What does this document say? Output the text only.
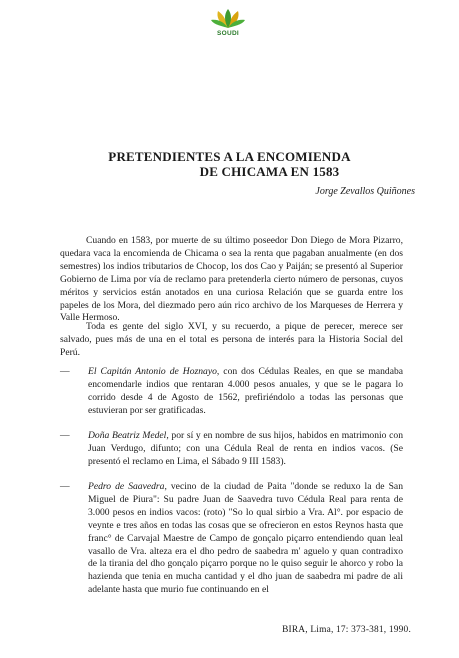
SOUDI
PRETENDIENTES A LA ENCOMIENDA
DE CHICAMA EN 1583
Jorge Zevallos Quiñones

Cuando en 1583, por muerte de su último poseedor Don Diego de Mora Pizarro, quedara vaca la encomienda de Chicama o sea la renta que pagaban anualmente (en dos semestres) los indios tributarios de Chocop, los dos Cao y Paiján; se presentó al Superior Gobierno de Lima por vía de reclamo para pretenderla cierto número de personas, cuyos méritos y servicios están anotados en una curiosa Relación que se guarda entre los papeles de los Mora, del diezmado pero aún rico archivo de los Marqueses de Herrera y Valle Hermoso.

Toda es gente del siglo XVI, y su recuerdo, a pique de perecer, merece ser salvado, pues más de una en el total es persona de interés para la Historia Social del Perú.

— El Capitán Antonio de Hoznayo, con dos Cédulas Reales, en que se mandaba encomendarle indios que rentaran 4.000 pesos anuales, y que se le pagara lo corrido desde 4 de Agosto de 1562, prefiriéndolo a todas las personas que estuvieran por ser gratificadas.

— Doña Beatriz Medel, por sí y en nombre de sus hijos, habidos en matrimonio con Juan Verdugo, difunto; con una Cédula Real de renta en indios vacos. (Se presentó el reclamo en Lima, el Sábado 9 III 1583).

— Pedro de Saavedra, vecino de la ciudad de Paita "donde se reduxo la de San Miguel de Piura": Su padre Juan de Saavedra tuvo Cédula Real para renta de 3.000 pesos en indios vacos: (roto) "So lo qual sirbio a Vra. Al°. por espacio de veynte e tres años en todas las cosas que se ofrecieron en estos Reynos hasta que franc° de Carvajal Maestre de Campo de gonçalo piçarro entendiendo quan leal vasallo de Vra. alteza era el dho pedro de saabedra m' aguelo y quan contradixo de la tirania del dho gonçalo piçarro porque no le quiso seguir le ahorco y robo la hazienda que tenia en mucha cantidad y el dho juan de saabedra mi padre de ali adelante hasta que murio fue continuando en el

BIRA, Lima, 17: 373-381, 1990.
